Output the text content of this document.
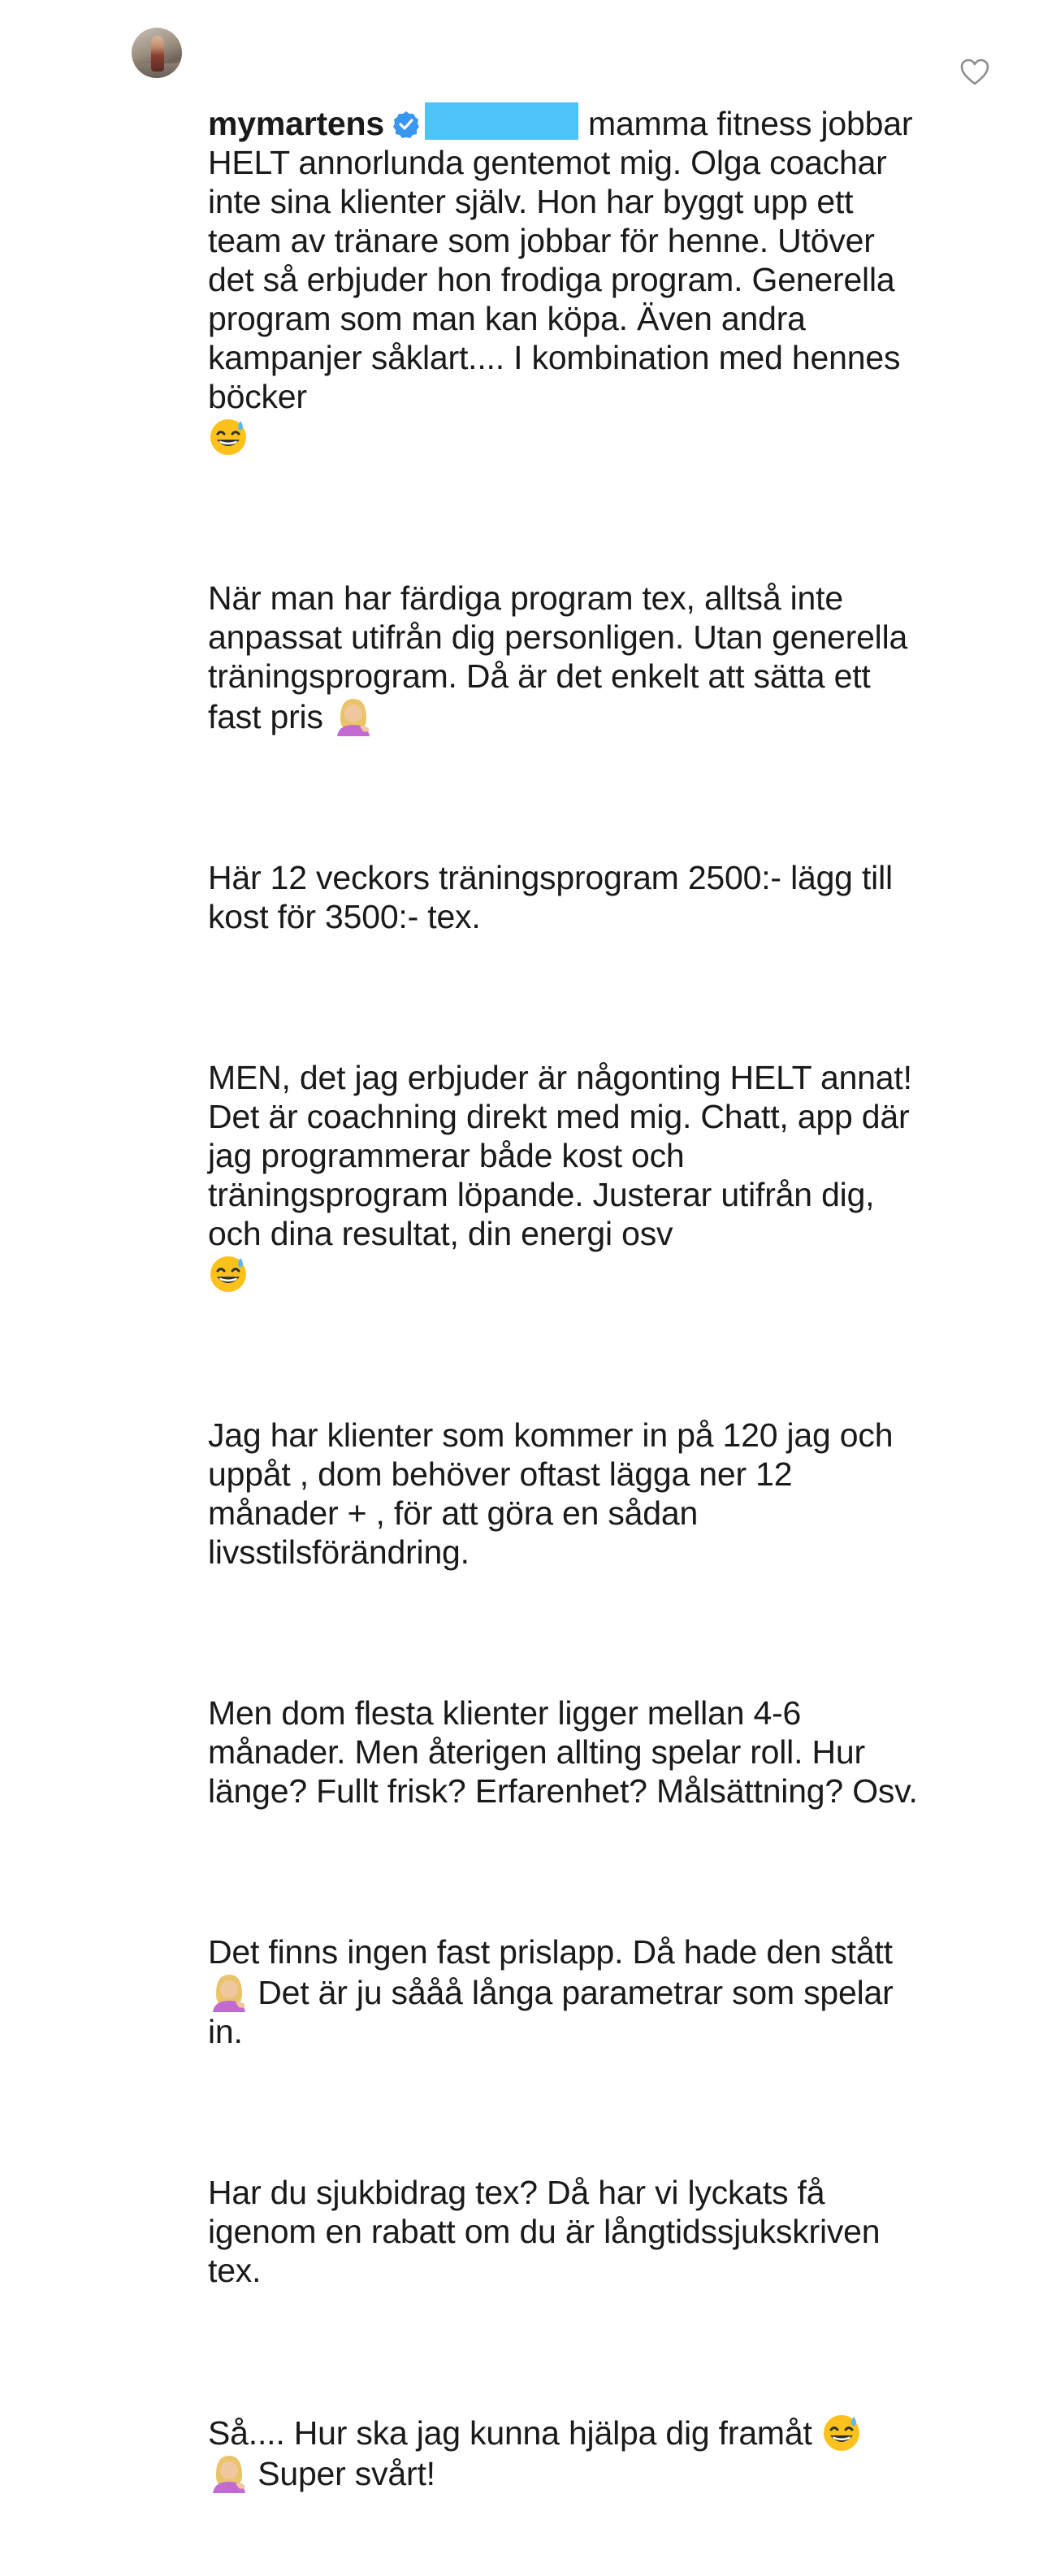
mymartens	mamma fitness jobbar HELT annorlunda gentemot mig. Olga coachar inte sina klienter själv. Hon har byggt upp ett team av tränare som jobbar för henne. Utöver det så erbjuder hon frodiga program. Generella program som man kan köpa. Även andra kampanjer såklart.... I kombination med hennes böcker

När man har färdiga program tex, alltså inte anpassat utifrån dig personligen. Utan generella träningsprogram. Då är det enkelt att sätta ett fast pris

Här 12 veckors träningsprogram 2500:- lägg till kost för 3500:- tex.

MEN, det jag erbjuder är någonting HELT annat! Det är coachning direkt med mig. Chatt, app där jag programmerar både kost och träningsprogram löpande. Justerar utifrån dig, och dina resultat, din energi osv

Jag har klienter som kommer in på 120 jag och uppåt , dom behöver oftast lägga ner 12 månader + , för att göra en sådan livsstilsförändring.

Men dom flesta klienter ligger mellan 4-6 månader. Men återigen allting spelar roll. Hur länge? Fullt frisk? Erfarenhet? Målsättning? Osv.

Det finns ingen fast prislapp. Då hade den stått  Det är ju sååå långa parametrar som spelar in.

Har du sjukbidrag tex? Då har vi lyckats få igenom en rabatt om du är långtidssjukskriven tex.

Så.... Hur ska jag kunna hjälpa dig framåt
Super svårt!
